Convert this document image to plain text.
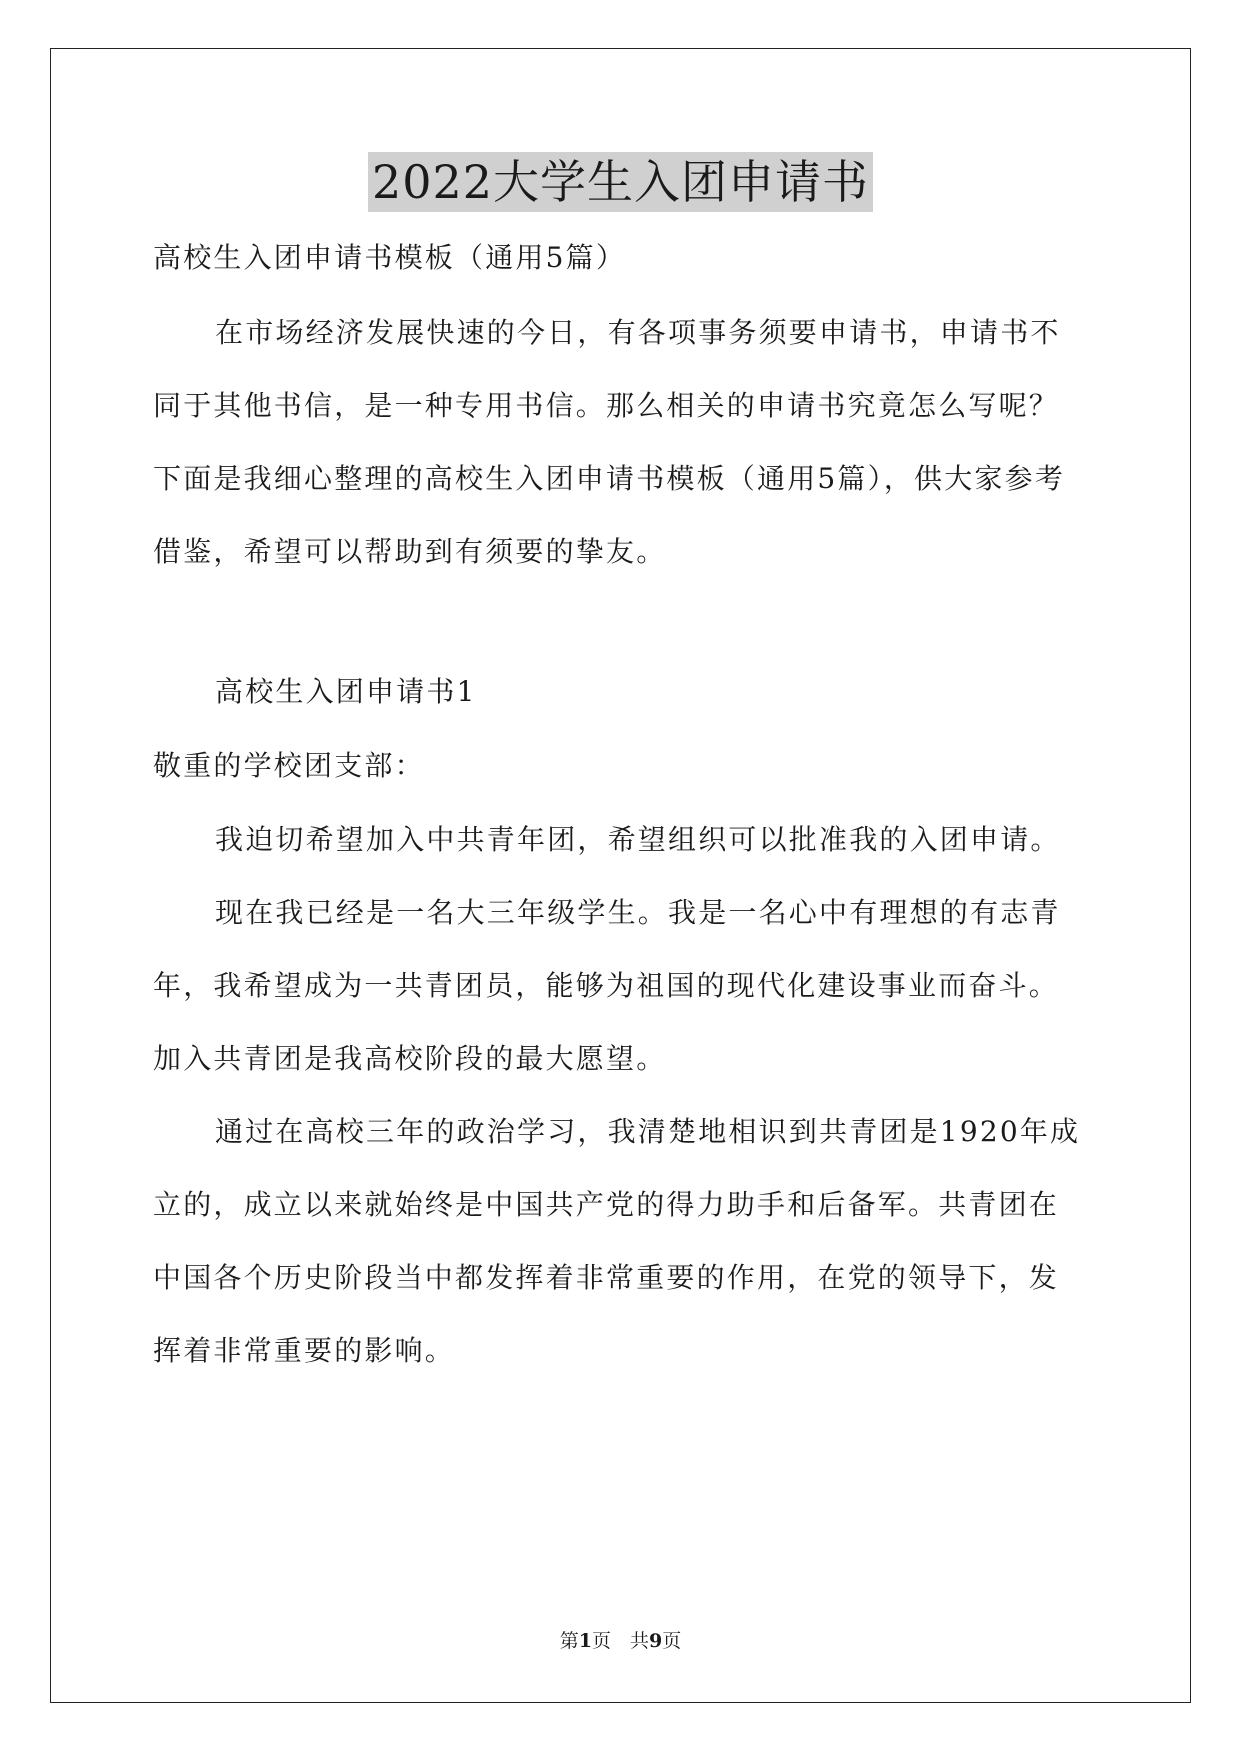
2022大学生入团申请书
高校生入团申请书模板（通用5篇）
在市场经济发展快速的今日，有各项事务须要申请书，申请书不
同于其他书信，是一种专用书信。那么相关的申请书究竟怎么写呢？
下面是我细心整理的高校生入团申请书模板（通用5篇），供大家参考
借鉴，希望可以帮助到有须要的挚友。
高校生入团申请书1
敬重的学校团支部：
我迫切希望加入中共青年团，希望组织可以批准我的入团申请。
现在我已经是一名大三年级学生。我是一名心中有理想的有志青
年，我希望成为一共青团员，能够为祖国的现代化建设事业而奋斗。
加入共青团是我高校阶段的最大愿望。
通过在高校三年的政治学习，我清楚地相识到共青团是1920年成
立的，成立以来就始终是中国共产党的得力助手和后备军。共青团在
中国各个历史阶段当中都发挥着非常重要的作用，在党的领导下，发
挥着非常重要的影响。
第1页　共9页
